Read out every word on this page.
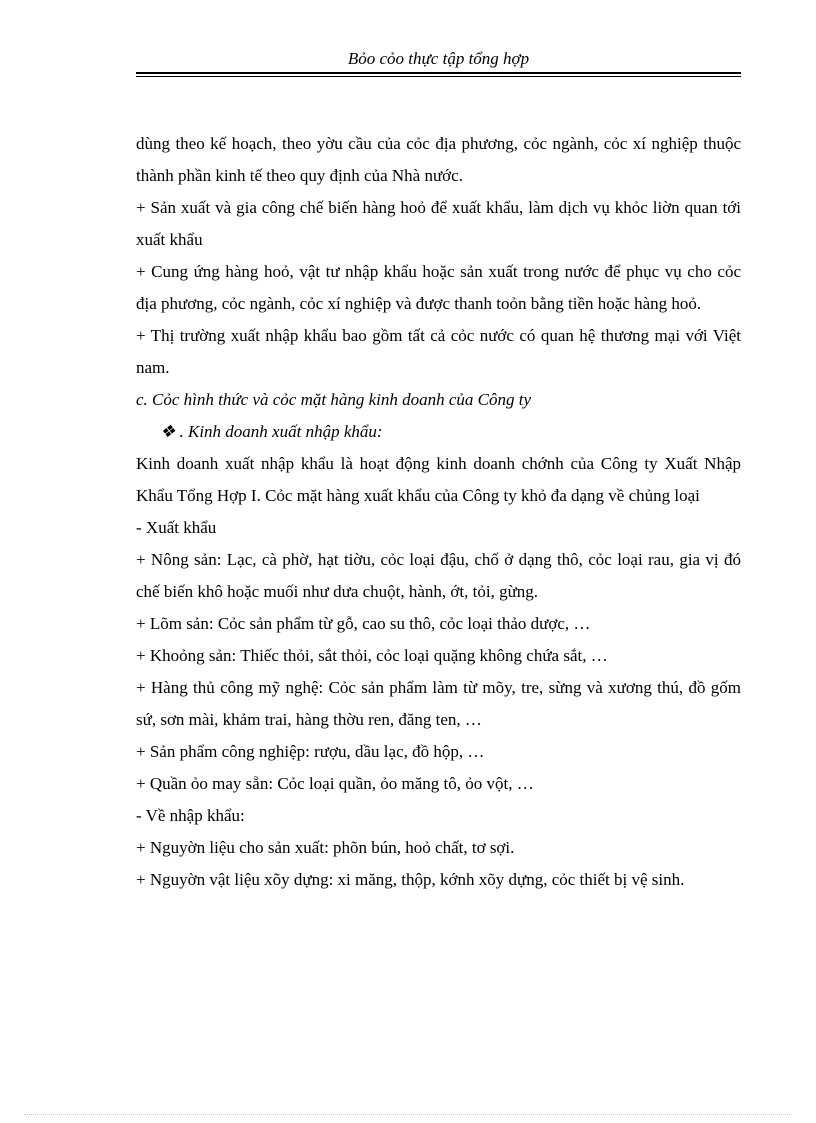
Bỏo cỏo thực tập tổng hợp

dùng theo kế hoạch, theo yờu cầu của cỏc địa phương, cỏc ngành, cỏc xí nghiệp thuộc thành phần kinh tế theo quy định của Nhà nước.

+ Sản xuất và gia công chế biến hàng hoỏ để xuất khẩu, làm dịch vụ khỏc liờn quan tới xuất khẩu

+ Cung ứng hàng hoỏ, vật tư nhập khẩu hoặc sản xuất trong nước để phục vụ cho cỏc địa phương, cỏc ngành, cỏc xí nghiệp và được thanh toỏn bằng tiền hoặc hàng hoỏ.

+ Thị trường xuất nhập khẩu bao gồm tất cả cỏc nước có quan hệ thương mại với Việt nam.

c. Cỏc hình thức và cỏc mặt hàng kinh doanh của Công ty

❖ . Kinh doanh xuất nhập khẩu:

Kinh doanh xuất nhập khẩu là hoạt động kinh doanh chớnh của Công ty Xuất Nhập Khẩu Tổng Hợp I. Cỏc mặt hàng xuất khẩu của Công ty khỏ đa dạng về chủng loại

- Xuất khẩu

+ Nông sản: Lạc, cà phờ, hạt tiờu, cỏc loại đậu, chố ở dạng thô, cỏc loại rau, gia vị đó chế biến khô hoặc muối như dưa chuột, hành, ớt, tỏi, gừng.

+ Lõm sản: Cỏc sản phẩm từ gỗ, cao su thô, cỏc loại thảo dược, …

+ Khoỏng sản: Thiếc thỏi, sắt thỏi, cỏc loại quặng không chứa sắt, …

+ Hàng thủ công mỹ nghệ: Cỏc sản phẩm làm từ mõy, tre, sừng và xương thú, đồ gốm sứ, sơn mài, khảm trai, hàng thờu ren, đăng ten, …

+ Sản phẩm công nghiệp: rượu, dầu lạc, đồ hộp, …

+ Quần ỏo may sẵn: Cỏc loại quần, ỏo măng tô, ỏo vột, …

- Về nhập khẩu:

+ Nguyờn liệu cho sản xuất: phõn bún, hoỏ chất, tơ sợi.

+ Nguyờn vật liệu xõy dựng: xi măng, thộp, kớnh xõy dựng, cỏc thiết bị vệ sinh.
